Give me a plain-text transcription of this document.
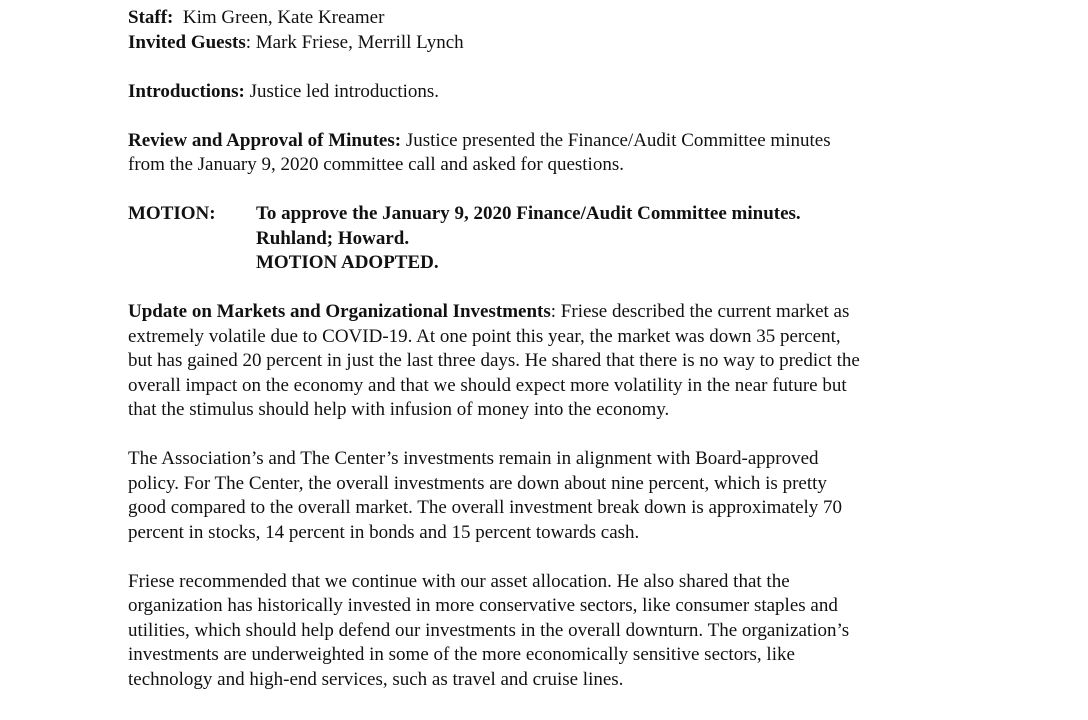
Staff: Kim Green, Kate Kreamer
Invited Guests: Mark Friese, Merrill Lynch
Introductions: Justice led introductions.
Review and Approval of Minutes: Justice presented the Finance/Audit Committee minutes
from the January 9, 2020 committee call and asked for questions.
MOTION:	To approve the January 9, 2020 Finance/Audit Committee minutes.
Ruhland; Howard.
MOTION ADOPTED.
Update on Markets and Organizational Investments: Friese described the current market as
extremely volatile due to COVID-19. At one point this year, the market was down 35 percent,
but has gained 20 percent in just the last three days. He shared that there is no way to predict the
overall impact on the economy and that we should expect more volatility in the near future but
that the stimulus should help with infusion of money into the economy.
The Association’s and The Center’s investments remain in alignment with Board-approved
policy. For The Center, the overall investments are down about nine percent, which is pretty
good compared to the overall market. The overall investment break down is approximately 70
percent in stocks, 14 percent in bonds and 15 percent towards cash.
Friese recommended that we continue with our asset allocation. He also shared that the
organization has historically invested in more conservative sectors, like consumer staples and
utilities, which should help defend our investments in the overall downturn. The organization’s
investments are underweighted in some of the more economically sensitive sectors, like
technology and high-end services, such as travel and cruise lines.
